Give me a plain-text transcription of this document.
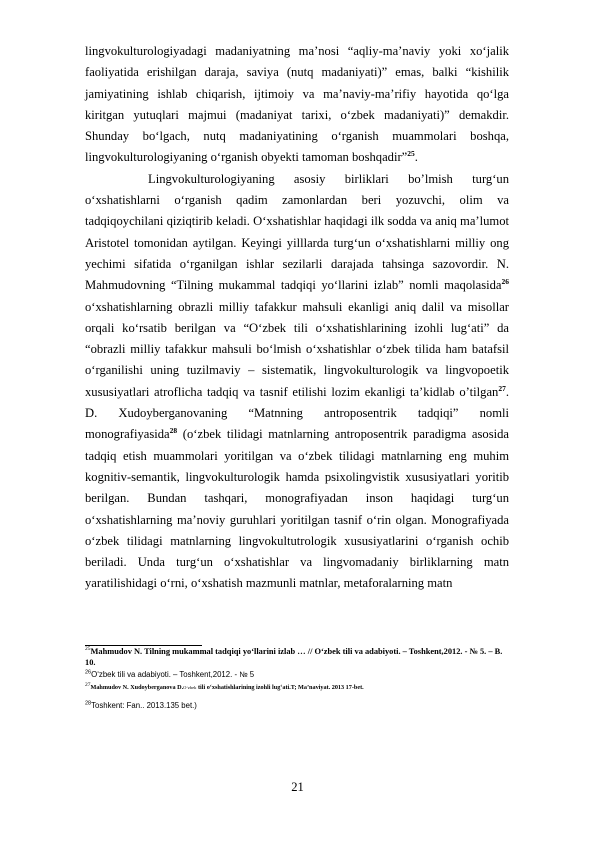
lingvokulturologiyadagi madaniyatning ma’nosi “aqliy-ma’naviy yoki xo‘jalik faoliyatida erishilgan daraja, saviya (nutq madaniyati)” emas, balki “kishilik jamiyatining ishlab chiqarish, ijtimoiy va ma’naviy-ma’rifiy hayotida qo‘lga kiritgan yutuqlari majmui (madaniyat tarixi, o‘zbek madaniyati)” demakdir. Shunday bo‘lgach, nutq madaniyatining o‘rganish muammolari boshqa, lingvokulturologiyaning o‘rganish obyekti tamoman boshqadir”$^{25}$.
Lingvokulturologiyaning asosiy birliklari bo’lmish turg‘un o‘xshatishlarni o‘rganish qadim zamonlardan beri yozuvchi, olim va tadqiqoychilani qiziqtirib keladi. O‘xshatishlar haqidagi ilk sodda va aniq ma’lumot Aristotel tomonidan aytilgan. Keyingi yilllarda turg‘un o‘xshatishlarni milliy ong yechimi sifatida o‘rganilgan ishlar sezilarli darajada tahsinga sazovordir. N. Mahmudovning “Tilning mukammal tadqiqi yo‘llarini izlab” nomli maqolasida$^{26}$ o‘xshatishlarning obrazli milliy tafakkur mahsuli ekanligi aniq dalil va misollar orqali ko‘rsatib berilgan va “O‘zbek tili o‘xshatishlarining izohli lug‘ati” da “obrazli milliy tafakkur mahsuli bo‘lmish o‘xshatishlar o‘zbek tilida ham batafsil o‘rganilishi uning tuzilmaviy – sistematik, lingvokulturologik va lingvopoetik xususiyatlari atroflicha tadqiq va tasnif etilishi lozim ekanligi ta’kidlab o’tilgan$^{27}$. D. Xudoyberganovaning “Matnning antroposentrik tadqiqi” nomli monografiyasida$^{28}$ (o‘zbek tilidagi matnlarning antroposentrik paradigma asosida tadqiq etish muammolari yoritilgan va o‘zbek tilidagi matnlarning eng muhim kognitiv-semantik, lingvokulturologik hamda psixolingvistik xususiyatlari yoritib berilgan. Bundan tashqari, monografiyadan inson haqidagi turg‘un o‘xshatishlarning ma’noviy guruhlari yoritilgan tasnif o‘rin olgan. Monografiyada o‘zbek tilidagi matnlarning lingvokultutrologik xususiyatlarini o‘rganish ochib beriladi. Unda turg‘un o‘xshatishlar va lingvomadaniy birliklarning matn yaratilishidagi o‘rni, o‘xshatish mazmunli matnlar, metaforalarning matn

$^{25}$Mahmudov N. Tilning mukammal tadqiqi yo‘llarini izlab … // O‘zbek tili va adabiyoti. – Toshkent,2012. - № 5. – B. 10.

$^{26}$O‘zbek tili va adabiyoti. – Toshkent,2012. - № 5

$^{27}$Mahmudov N. Xudoyberganova D.O‘zbek tili o‘xshatishlarining izohli lug‘ati.T; Ma’naviyat. 2013 17-bet.

$^{28}$Toshkent: Fan.. 2013.135 bet.)

21
